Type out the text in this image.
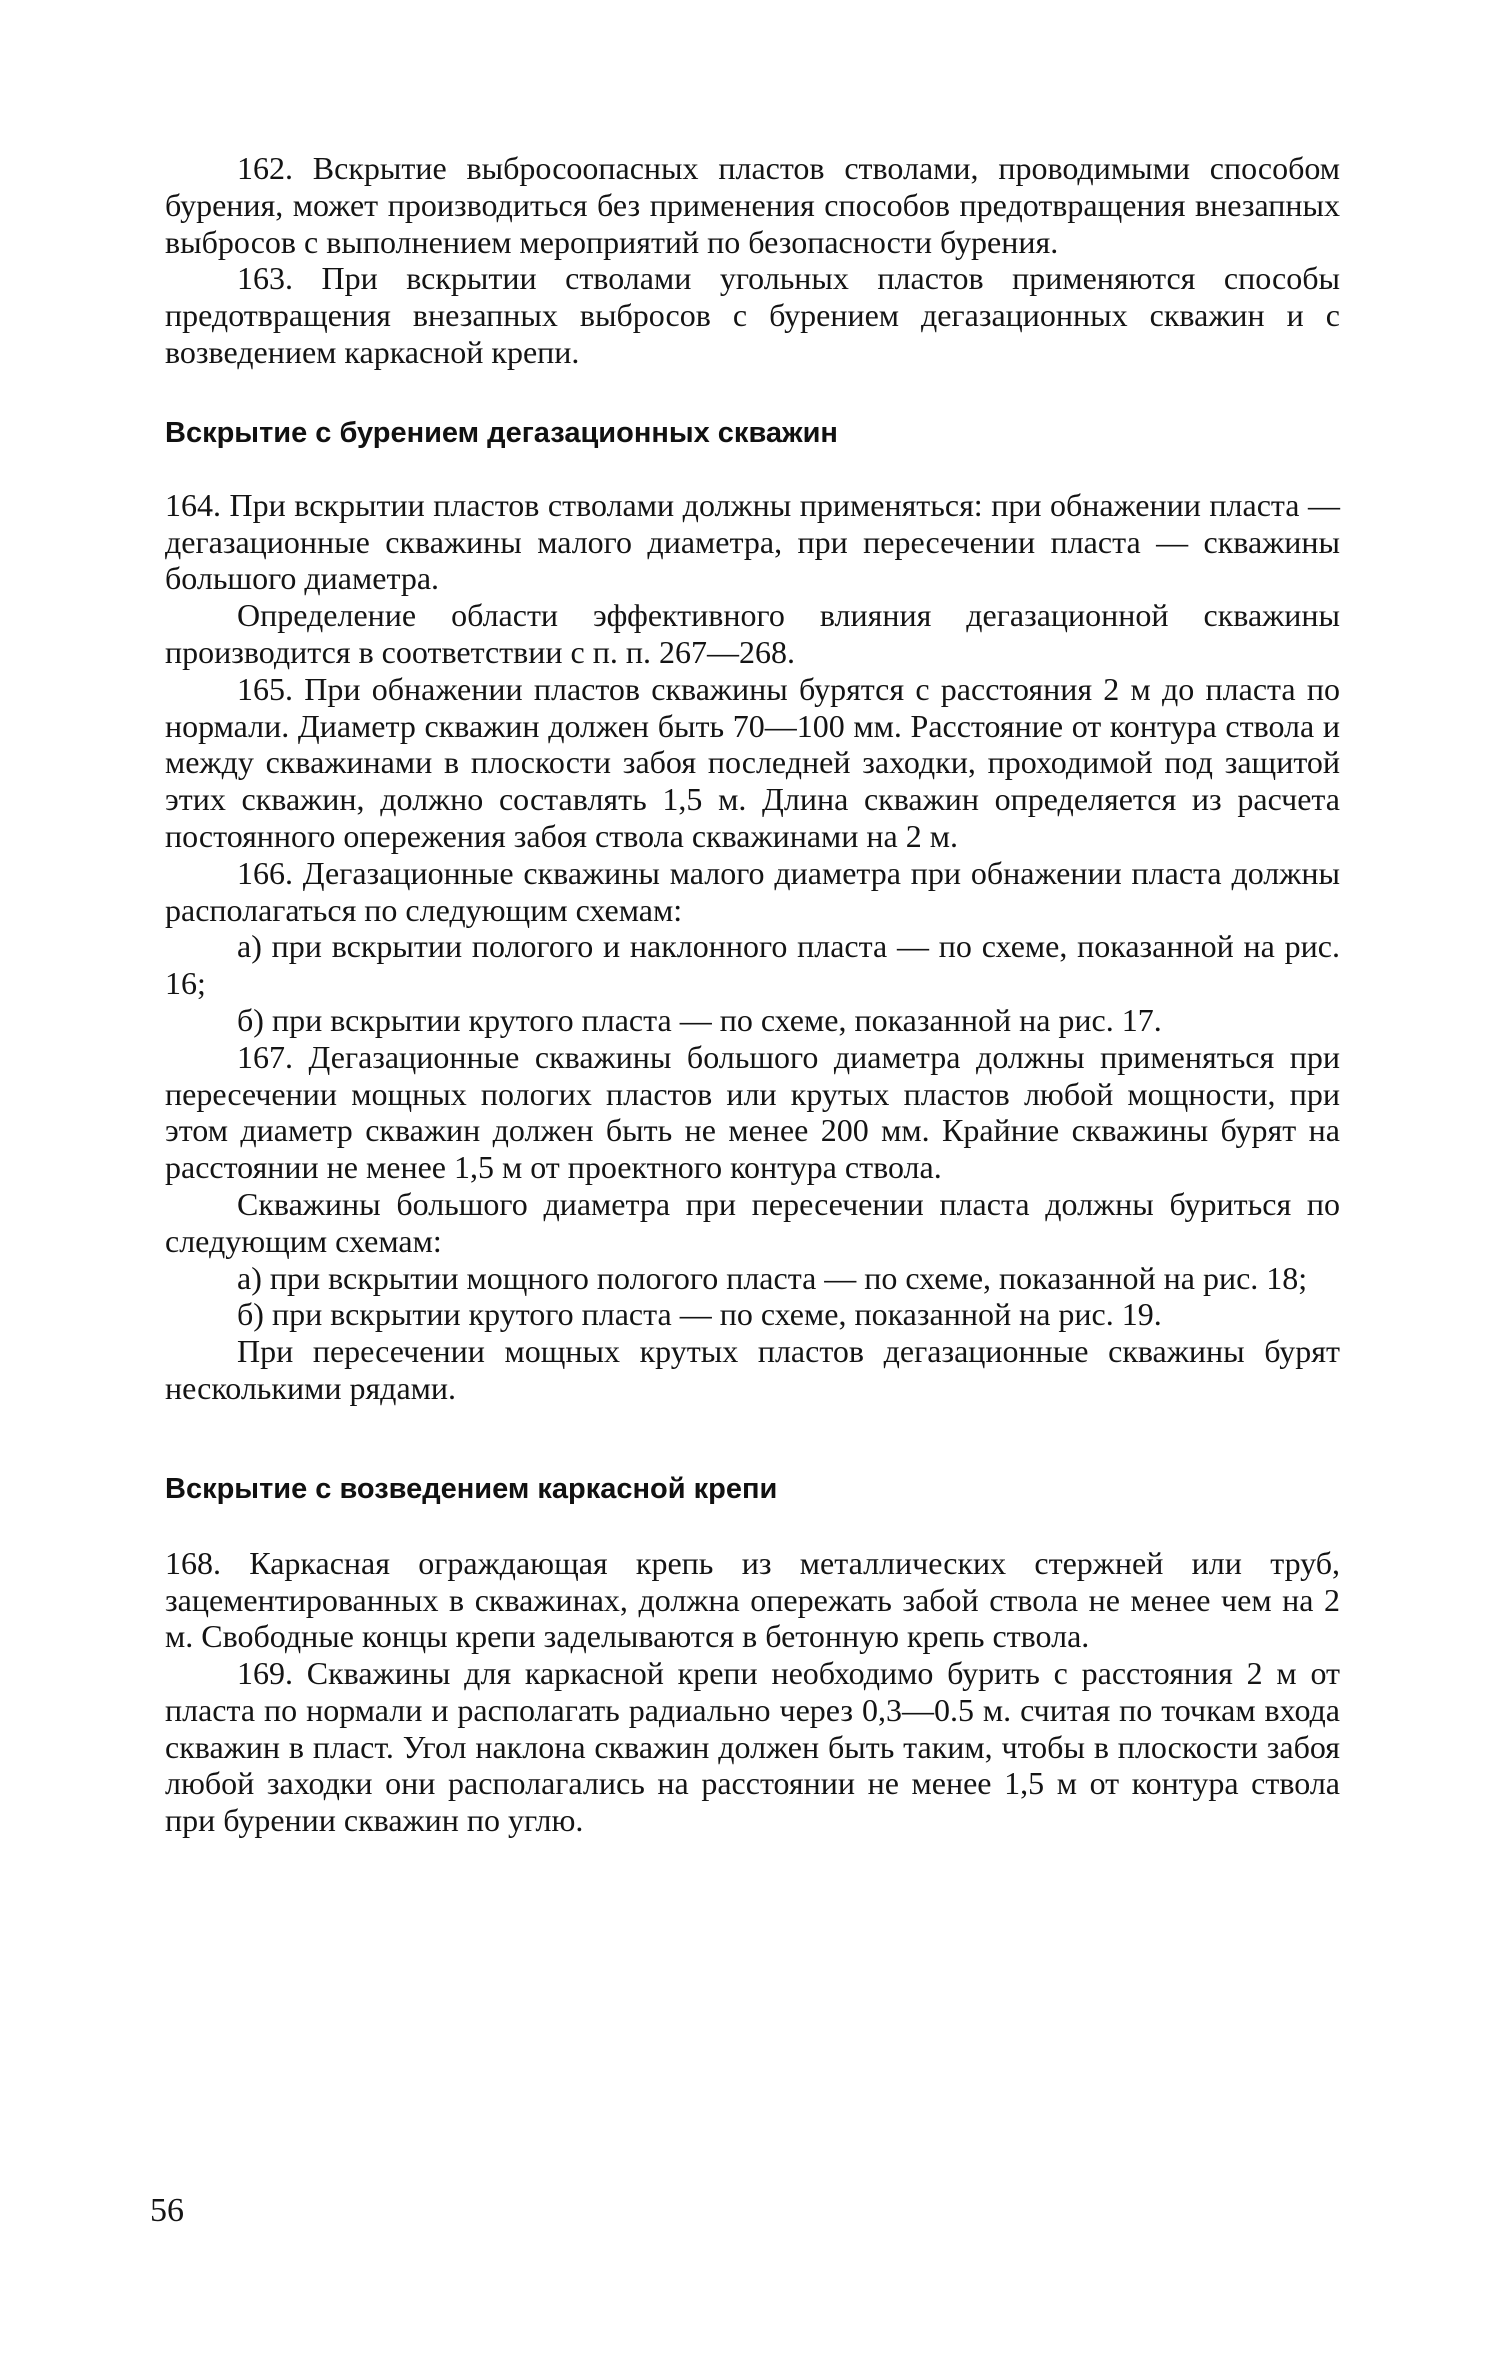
162. Вскрытие выбросоопасных пластов стволами, проводимыми способом бурения, может производиться без применения способов предотвращения внезапных выбросов с выполнением мероприятий по безопасности бурения.

163. При вскрытии стволами угольных пластов применяются способы предотвращения внезапных выбросов с бурением дегазационных скважин и с возведением каркасной крепи.

Вскрытие с бурением дегазационных скважин

164. При вскрытии пластов стволами должны применяться: при обнажении пласта — дегазационные скважины малого диаметра, при пересечении пласта — скважины большого диаметра.

Определение области эффективного влияния дегазационной скважины производится в соответствии с п. п. 267—268.

165. При обнажении пластов скважины бурятся с расстояния 2 м до пласта по нормали. Диаметр скважин должен быть 70—100 мм. Расстояние от контура ствола и между скважинами в плоскости забоя последней заходки, проходимой под защитой этих скважин, должно составлять 1,5 м. Длина скважин определяется из расчета постоянного опережения забоя ствола скважинами на 2 м.

166. Дегазационные скважины малого диаметра при обнажении пласта должны располагаться по следующим схемам:

а) при вскрытии пологого и наклонного пласта — по схеме, показанной на рис. 16;

б) при вскрытии крутого пласта — по схеме, показанной на рис. 17.

167. Дегазационные скважины большого диаметра должны применяться при пересечении мощных пологих пластов или крутых пластов любой мощности, при этом диаметр скважин должен быть не менее 200 мм. Крайние скважины бурят на расстоянии не менее 1,5 м от проектного контура ствола.

Скважины большого диаметра при пересечении пласта должны буриться по следующим схемам:

а) при вскрытии мощного пологого пласта — по схеме, показанной на рис. 18;

б) при вскрытии крутого пласта — по схеме, показанной на рис. 19.

При пересечении мощных крутых пластов дегазационные скважины бурят несколькими рядами.

Вскрытие с возведением каркасной крепи

168. Каркасная ограждающая крепь из металлических стержней или труб, зацементированных в скважинах, должна опережать забой ствола не менее чем на 2 м. Свободные концы крепи заделываются в бетонную крепь ствола.

169. Скважины для каркасной крепи необходимо бурить с расстояния 2 м от пласта по нормали и располагать радиально через 0,3—0.5 м. считая по точкам входа скважин в пласт. Угол наклона скважин должен быть таким, чтобы в плоскости забоя любой заходки они располагались на расстоянии не менее 1,5 м от контура ствола при бурении скважин по углю.

56
